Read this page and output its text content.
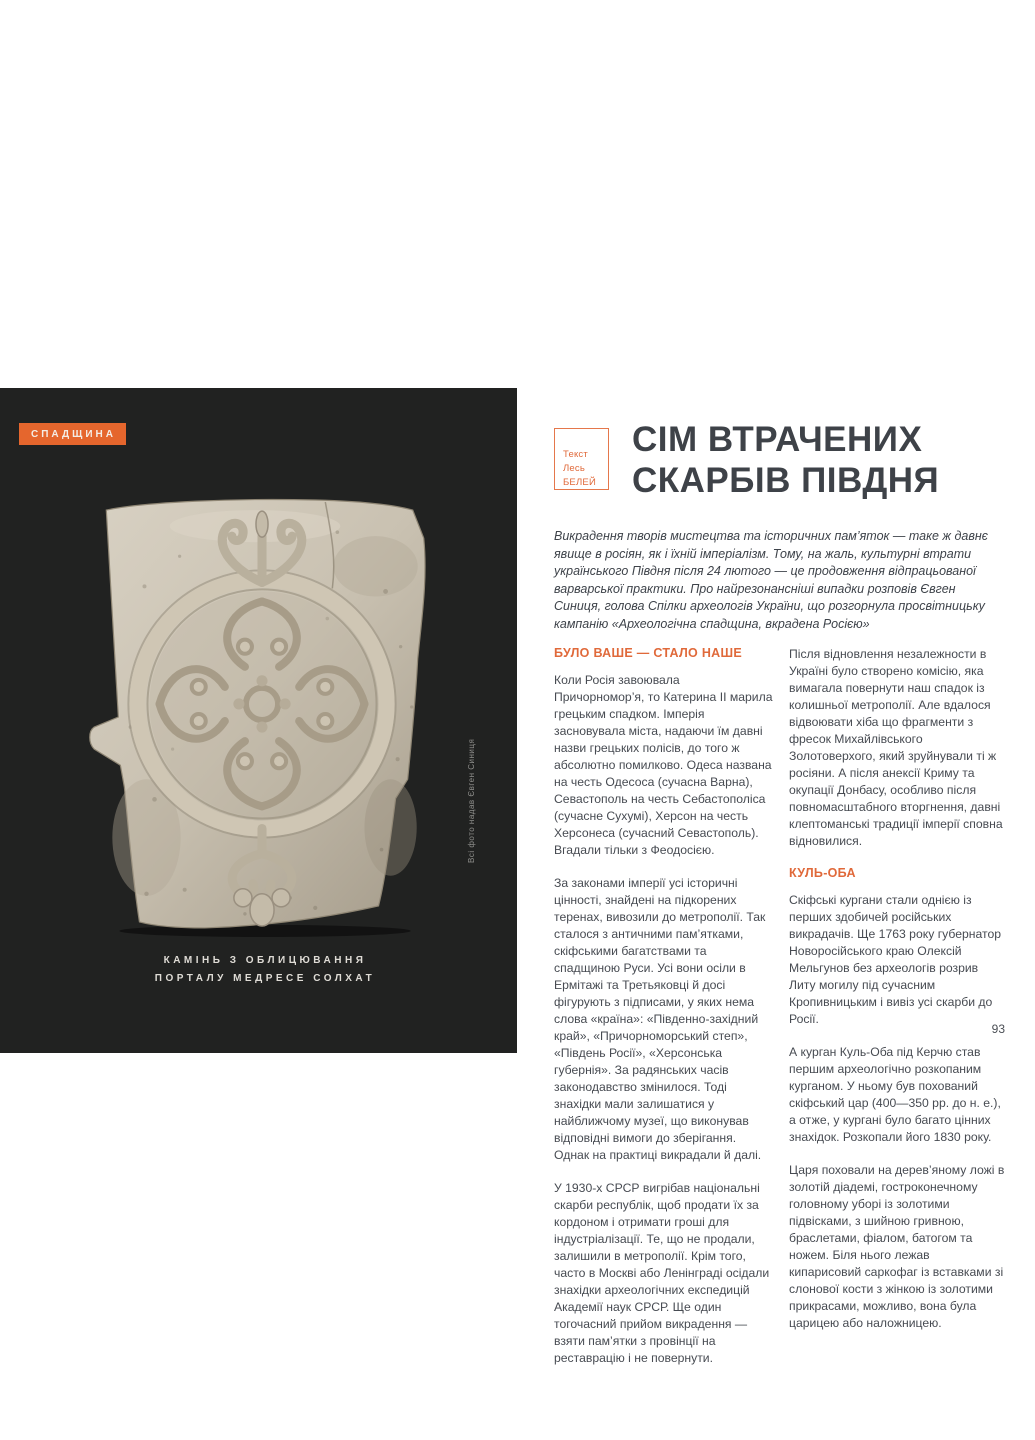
СПАДЩИНА
Всі фото надав Євген Синиця
КАМІНЬ З ОБЛИЦЮВАННЯ
ПОРТАЛУ МЕДРЕСЕ СОЛХАТ
Текст
Лесь
БЕЛЕЙ
СІМ ВТРАЧЕНИХ
СКАРБІВ ПІВДНЯ

Викрадення творів мистецтва та історичних пам’яток — таке ж давнє явище в росіян, як і їхній імперіалізм. Тому, на жаль, культурні втрати українського Півдня після 24 лютого — це продовження відпрацьованої варварської практики. Про найрезонансніші випадки розповів Євген Синиця, голова Спілки археологів України, що розгорнула просвітницьку кампанію «Археологічна спадщина, вкрадена Росією»

БУЛО ВАШЕ — СТАЛО НАШЕ

Коли Росія завоювала Причорномор’я, то Катерина II марила грецьким спадком. Імперія засновувала міста, надаючи їм давні назви грецьких полісів, до того ж абсолютно помилково. Одеса названа на честь Одесоса (сучасна Варна), Севастополь на честь Себастополіса (сучасне Сухумі), Херсон на честь Херсонеса (сучасний Севастополь). Вгадали тільки з Феодосією.

За законами імперії усі історичні цінності, знайдені на підкорених теренах, вивозили до метрополії. Так сталося з античними пам’ятками, скіфськими багатствами та спадщиною Руси. Усі вони осіли в Ермітажі та Третьяковці й досі фігурують з підписами, у яких нема слова «країна»: «Південно-західний край», «Причорноморський степ», «Південь Росії», «Херсонська губернія». За радянських часів законодавство змінилося. Тоді знахідки мали залишатися у найближчому музеї, що виконував відповідні вимоги до зберігання. Однак на практиці викрадали й далі.

У 1930-х СРСР вигрібав національні скарби республік, щоб продати їх за кордоном і отримати гроші для індустріалізації. Те, що не продали, залишили в метрополії. Крім того, часто в Москві або Ленінграді осідали знахідки археологічних експедицій Академії наук СРСР. Ще один тогочасний прийом викрадення — взяти пам’ятки з провінції на реставрацію і не повернути.

Після відновлення незалежности в Україні було створено комісію, яка вимагала повернути наш спадок із колишньої метрополії. Але вдалося відвоювати хіба що фрагменти з фресок Михайлівського Золотоверхого, який зруйнували ті ж росіяни. А після анексії Криму та окупації Донбасу, особливо після повномасштабного вторгнення, давні клептоманські традиції імперії сповна відновилися.

КУЛЬ-ОБА

Скіфські кургани стали однією із перших здобичей російських викрадачів. Ще 1763 року губернатор Новоросійського краю Олексій Мельгунов без археологів розрив Литу могилу під сучасним Кропивницьким і вивіз усі скарби до Росії.

А курган Куль-Оба під Керчю став першим археологічно розкопаним курганом. У ньому був похований скіфський цар (400—350 рр. до н. е.), а отже, у кургані було багато цінних знахідок. Розкопали його 1830 року.

Царя поховали на дерев’яному ложі в золотій діадемі, гостроконечному головному уборі із золотими підвісками, з шийною гривною, браслетами, фіалом, батогом та ножем. Біля нього лежав кипарисовий саркофаг із вставками зі слонової кости з жінкою із золотими прикрасами, можливо, вона була царицею або наложницею.

93
